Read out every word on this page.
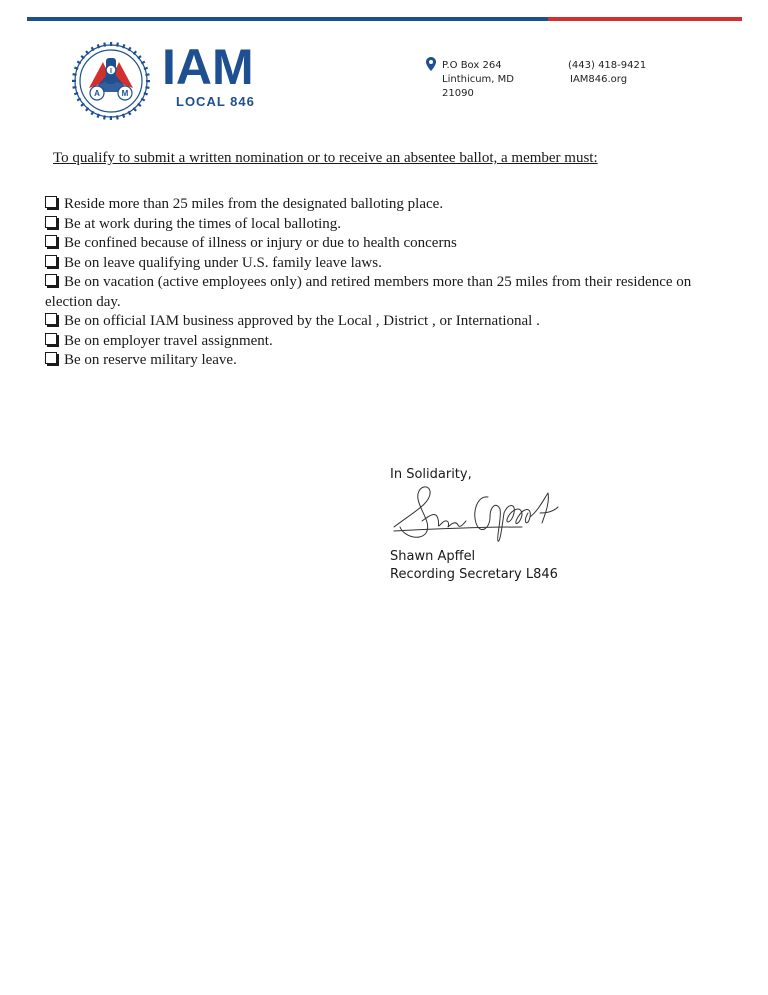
I
A	M IAM
LOCAL 846
P.O Box 264
Linthicum, MD
21090
(443) 418-9421
IAM846.org
To qualify to submit a written nomination or to receive an absentee ballot, a member must:
Reside more than 25 miles from the designated balloting place.
Be at work during the times of local balloting.
Be confined because of illness or injury or due to health concerns
Be on leave qualifying under U.S. family leave laws.
Be on vacation (active employees only) and retired members more than 25 miles from their residence on election day.
Be on official IAM business approved by the Local , District , or International .
Be on employer travel assignment.
Be on reserve military leave.
In Solidarity,
Shawn Apffel
Recording Secretary L846
